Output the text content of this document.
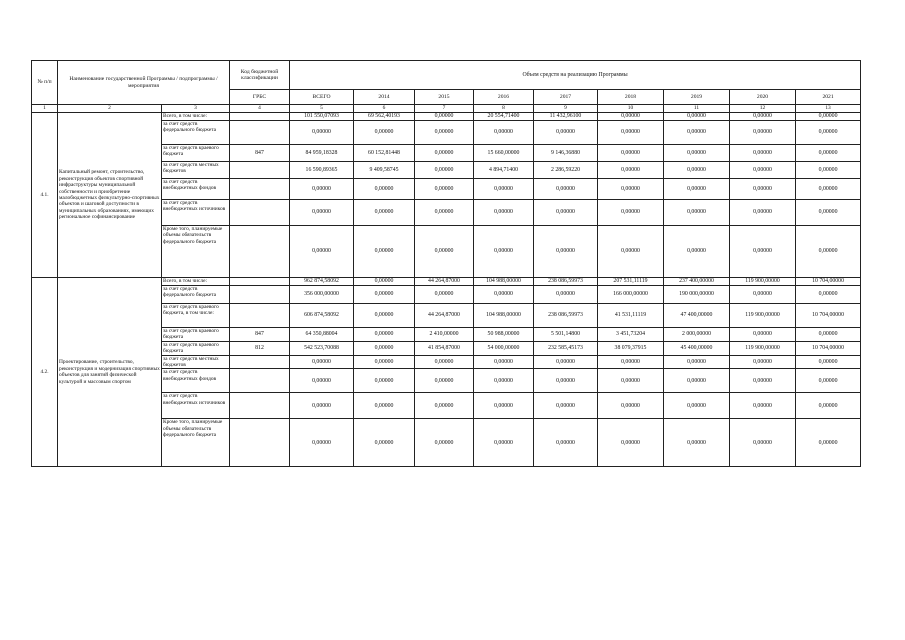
№ п/п	Наименование государственной Программы / подпрограммы / мероприятия		Код бюджетной классификации	Объем средств на реализацию Программы								
			ГРБС	ВСЕГО	2014	2015	2016	2017	2018	2019	2020	2021
1	2	3	4	5	6	7	8	9	10	11	12	13
4.1.	Капитальный ремонт, строительство, реконструкция объектов спортивной инфраструктуры муниципальной собственности и приобретение малобюджетных физкультурно-спортивных объектов и шаговой доступности в муниципальных образованиях, имеющих региональное софинансирование	Всего, в том числе:		101 550,07093	69 562,40193	0,00000	20 554,71400	11 432,96100	0,00000	0,00000	0,00000	0,00000
		за счет средств федерального бюджета		0,00000	0,00000	0,00000	0,00000	0,00000	0,00000	0,00000	0,00000	0,00000
		за счет средств краевого бюджета	847	84 959,18328	60 152,81448	0,00000	15 660,00000	9 146,36880	0,00000	0,00000	0,00000	0,00000
		за счет средств местных бюджетов		16 590,89365	9 409,58745	0,00000	4 894,71400	2 286,59220	0,00000	0,00000	0,00000	0,00000
		за счет средств внебюджетных фондов		0,00000	0,00000	0,00000	0,00000	0,00000	0,00000	0,00000	0,00000	0,00000
		за счет средств внебюджетных источников		0,00000	0,00000	0,00000	0,00000	0,00000	0,00000	0,00000	0,00000	0,00000
		Кроме того, планируемые объемы обязательств федерального бюджета		0,00000	0,00000	0,00000	0,00000	0,00000	0,00000	0,00000	0,00000	0,00000
4.2.	Проектирование, строительство, реконструкция и модернизация спортивных объектов для занятий физической культурой и массовым спортом	Всего, в том числе:		962 874,58092	0,00000	44 264,87000	104 988,00000	238 086,59973	207 531,11119	237 400,00000	119 900,00000	10 704,00000
		за счет средств федерального бюджета		356 000,00000	0,00000	0,00000	0,00000	0,00000	166 000,00000	190 000,00000	0,00000	0,00000
		за счет средств краевого бюджета, в том числе:		606 874,58092	0,00000	44 264,87000	104 988,00000	238 086,59973	41 531,11119	47 400,00000	119 900,00000	10 704,00000
		за счет средств краевого бюджета	847	64 350,88004	0,00000	2 410,00000	50 988,00000	5 501,14800	3 451,73204	2 000,00000	0,00000	0,00000
		за счет средств краевого бюджета	812	542 523,70088	0,00000	41 854,87000	54 000,00000	232 585,45173	38 079,37915	45 400,00000	119 900,00000	10 704,00000
		за счет средств местных бюджетов		0,00000	0,00000	0,00000	0,00000	0,00000	0,00000	0,00000	0,00000	0,00000
		за счет средств внебюджетных фондов		0,00000	0,00000	0,00000	0,00000	0,00000	0,00000	0,00000	0,00000	0,00000
		за счет средств внебюджетных источников		0,00000	0,00000	0,00000	0,00000	0,00000	0,00000	0,00000	0,00000	0,00000
		Кроме того, планируемые объемы обязательств федерального бюджета		0,00000	0,00000	0,00000	0,00000	0,00000	0,00000	0,00000	0,00000	0,00000
